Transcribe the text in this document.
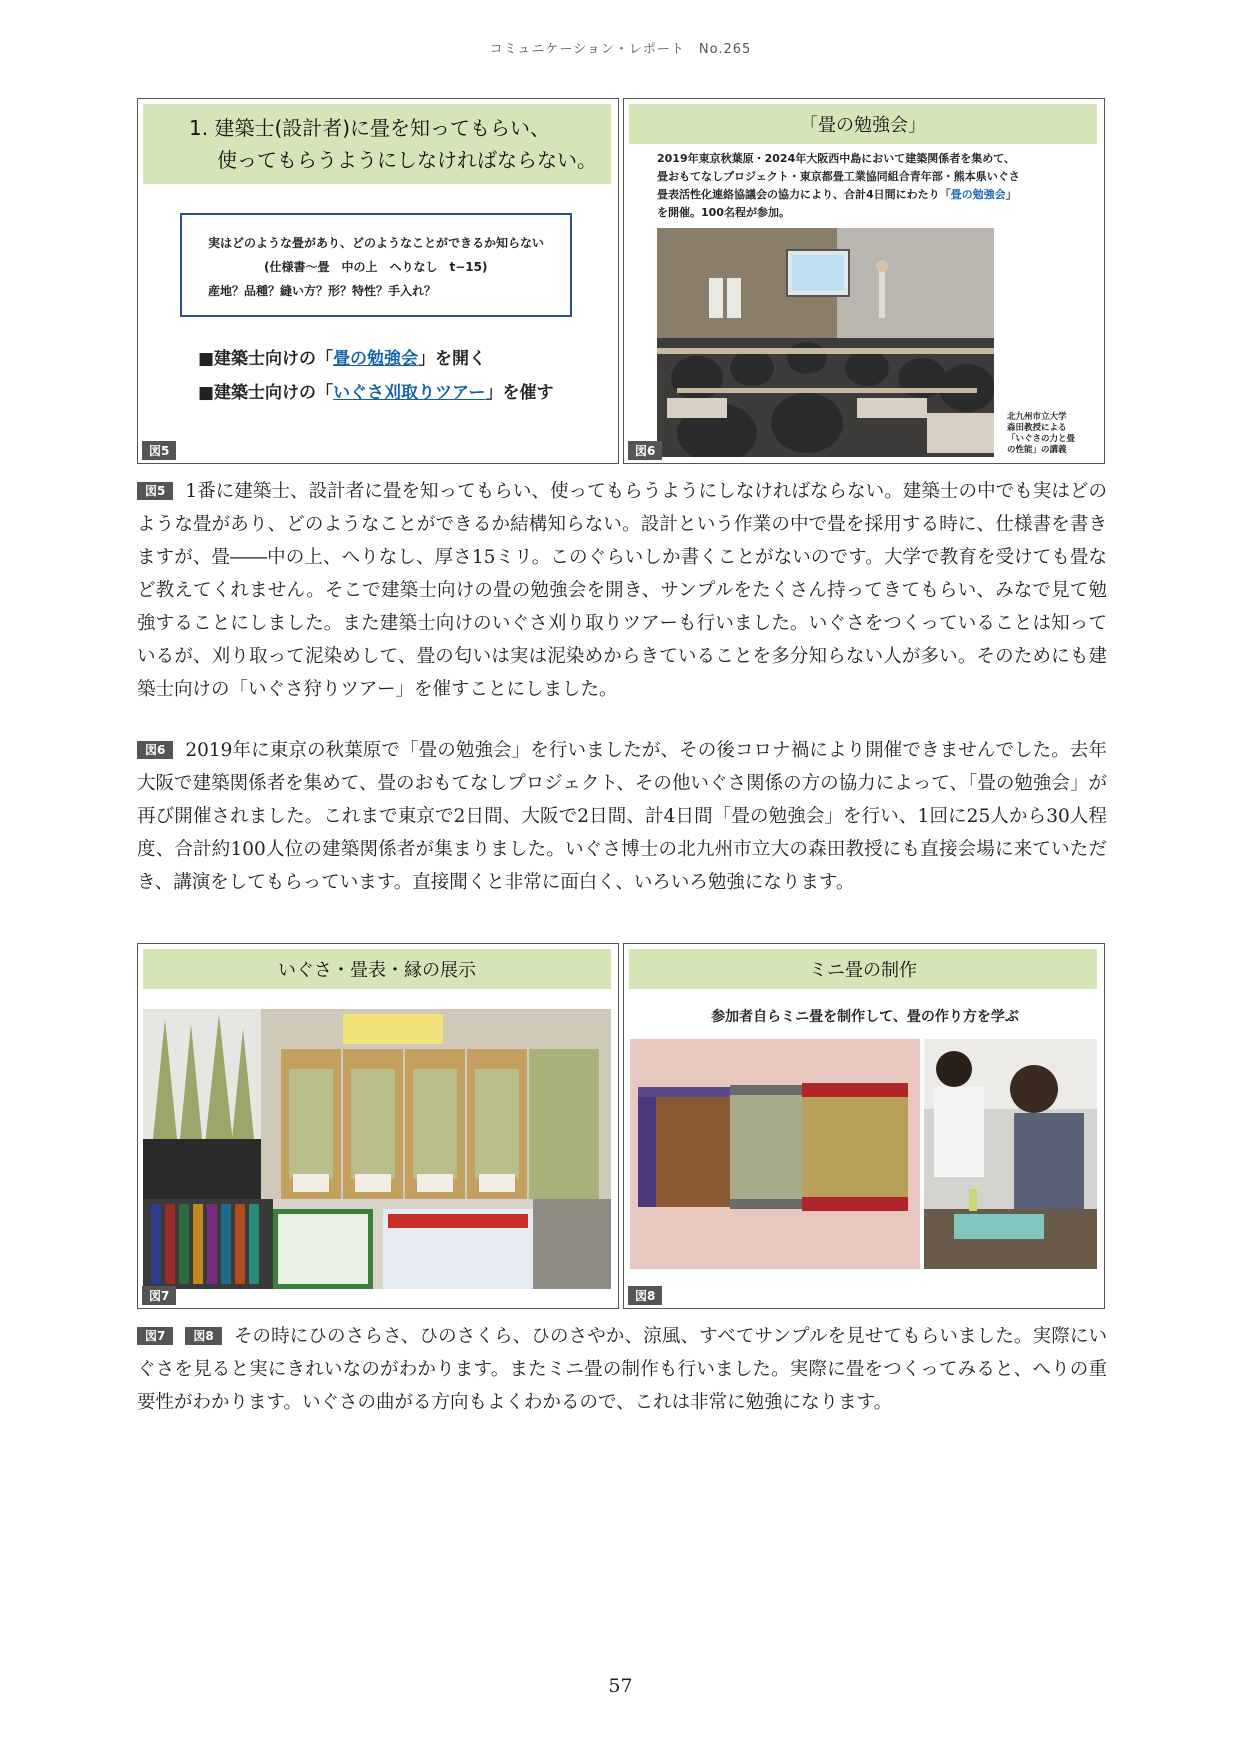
コミュニケーション・レポート　No.265
1. 建築士(設計者)に畳を知ってもらい、
使ってもらうようにしなければならない。
実はどのような畳があり、どのようなことができるか知らない
(仕様書～畳　中の上　へりなし　t−15)
産地？品種？縫い方？形？特性？手入れ？
■建築士向けの「畳の勉強会」を開く
■建築士向けの「いぐさ刈取りツアー」を催す
図5
「畳の勉強会」
2019年東京秋葉原・2024年大阪西中島において建築関係者を集めて、
畳おもてなしプロジェクト・東京都畳工業協同組合青年部・熊本県いぐさ
畳表活性化連絡協議会の協力により、合計4日間にわたり「畳の勉強会」
を開催。100名程が参加。
北九州市立大学
森田教授による
「いぐさの力と畳
の性能」の講義
図6
図5 1番に建築士、設計者に畳を知ってもらい、使ってもらうようにしなければならない。建築士の中でも実はどのような畳があり、どのようなことができるか結構知らない。設計という作業の中で畳を採用する時に、仕様書を書きますが、畳――中の上、へりなし、厚さ15ミリ。このぐらいしか書くことがないのです。大学で教育を受けても畳など教えてくれません。そこで建築士向けの畳の勉強会を開き、サンプルをたくさん持ってきてもらい、みなで見て勉強することにしました。また建築士向けのいぐさ刈り取りツアーも行いました。いぐさをつくっていることは知っているが、刈り取って泥染めして、畳の匂いは実は泥染めからきていることを多分知らない人が多い。そのためにも建築士向けの「いぐさ狩りツアー」を催すことにしました。
図6 2019年に東京の秋葉原で「畳の勉強会」を行いましたが、その後コロナ禍により開催できませんでした。去年大阪で建築関係者を集めて、畳のおもてなしプロジェクト、その他いぐさ関係の方の協力によって、「畳の勉強会」が再び開催されました。これまで東京で2日間、大阪で2日間、計4日間「畳の勉強会」を行い、1回に25人から30人程度、合計約100人位の建築関係者が集まりました。いぐさ博士の北九州市立大の森田教授にも直接会場に来ていただき、講演をしてもらっています。直接聞くと非常に面白く、いろいろ勉強になります。
いぐさ・畳表・縁の展示
図7
ミニ畳の制作
参加者自らミニ畳を制作して、畳の作り方を学ぶ
図8
図7 図8 その時にひのさらさ、ひのさくら、ひのさやか、涼風、すべてサンプルを見せてもらいました。実際にいぐさを見ると実にきれいなのがわかります。またミニ畳の制作も行いました。実際に畳をつくってみると、へりの重要性がわかります。いぐさの曲がる方向もよくわかるので、これは非常に勉強になります。
57
